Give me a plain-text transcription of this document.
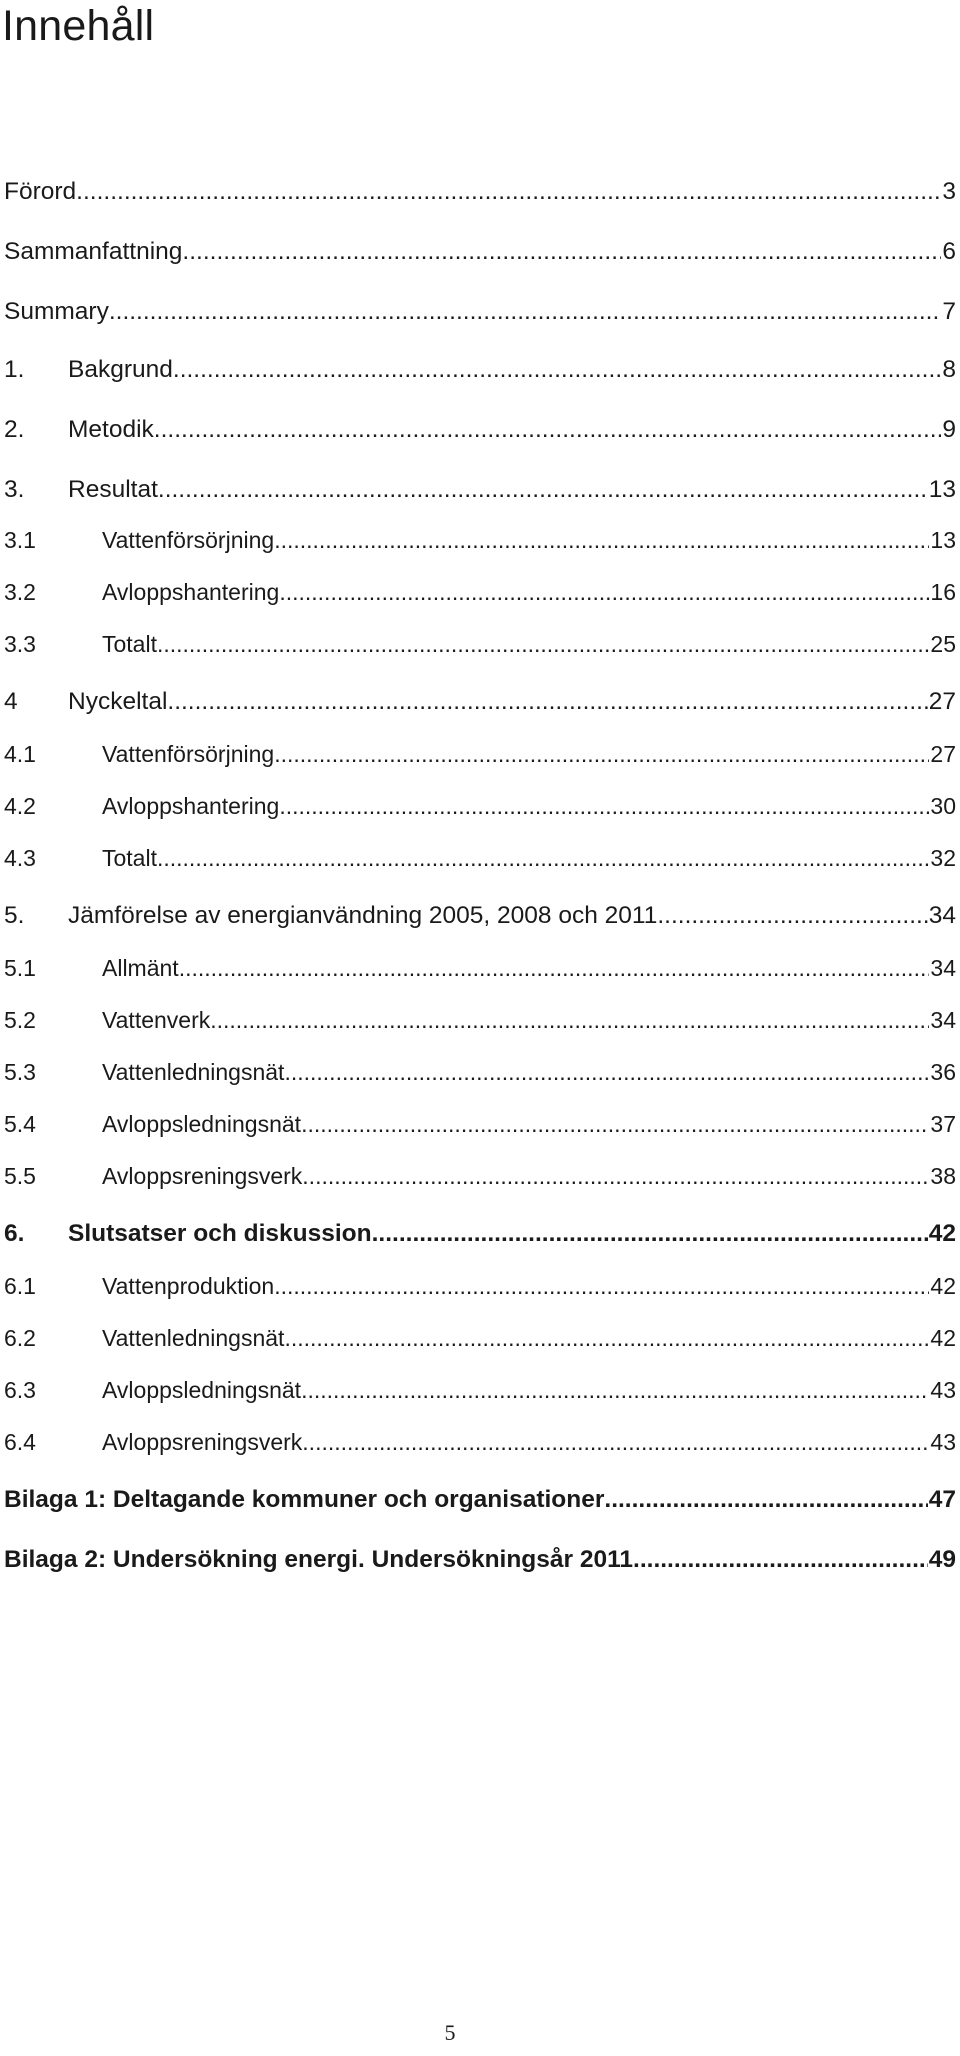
Innehåll
Förord .....	3
Sammanfattning .....	6
Summary .....	7
1.	Bakgrund .....	8
2.	Metodik .....	9
3.	Resultat .....	13
3.1	Vattenförsörjning .....	13
3.2	Avloppshantering .....	16
3.3	Totalt .....	25
4	Nyckeltal .....	27
4.1	Vattenförsörjning .....	27
4.2	Avloppshantering .....	30
4.3	Totalt .....	32
5.	Jämförelse av energianvändning 2005, 2008 och 2011 .....	34
5.1	Allmänt .....	34
5.2	Vattenverk .....	34
5.3	Vattenledningsnät .....	36
5.4	Avloppsledningsnät .....	37
5.5	Avloppsreningsverk .....	38
6.	Slutsatser och diskussion .....	42
6.1	Vattenproduktion .....	42
6.2	Vattenledningsnät .....	42
6.3	Avloppsledningsnät .....	43
6.4	Avloppsreningsverk .....	43
Bilaga 1: Deltagande kommuner och organisationer .....	47
Bilaga 2: Undersökning energi. Undersökningsår 2011. .....	49
5
